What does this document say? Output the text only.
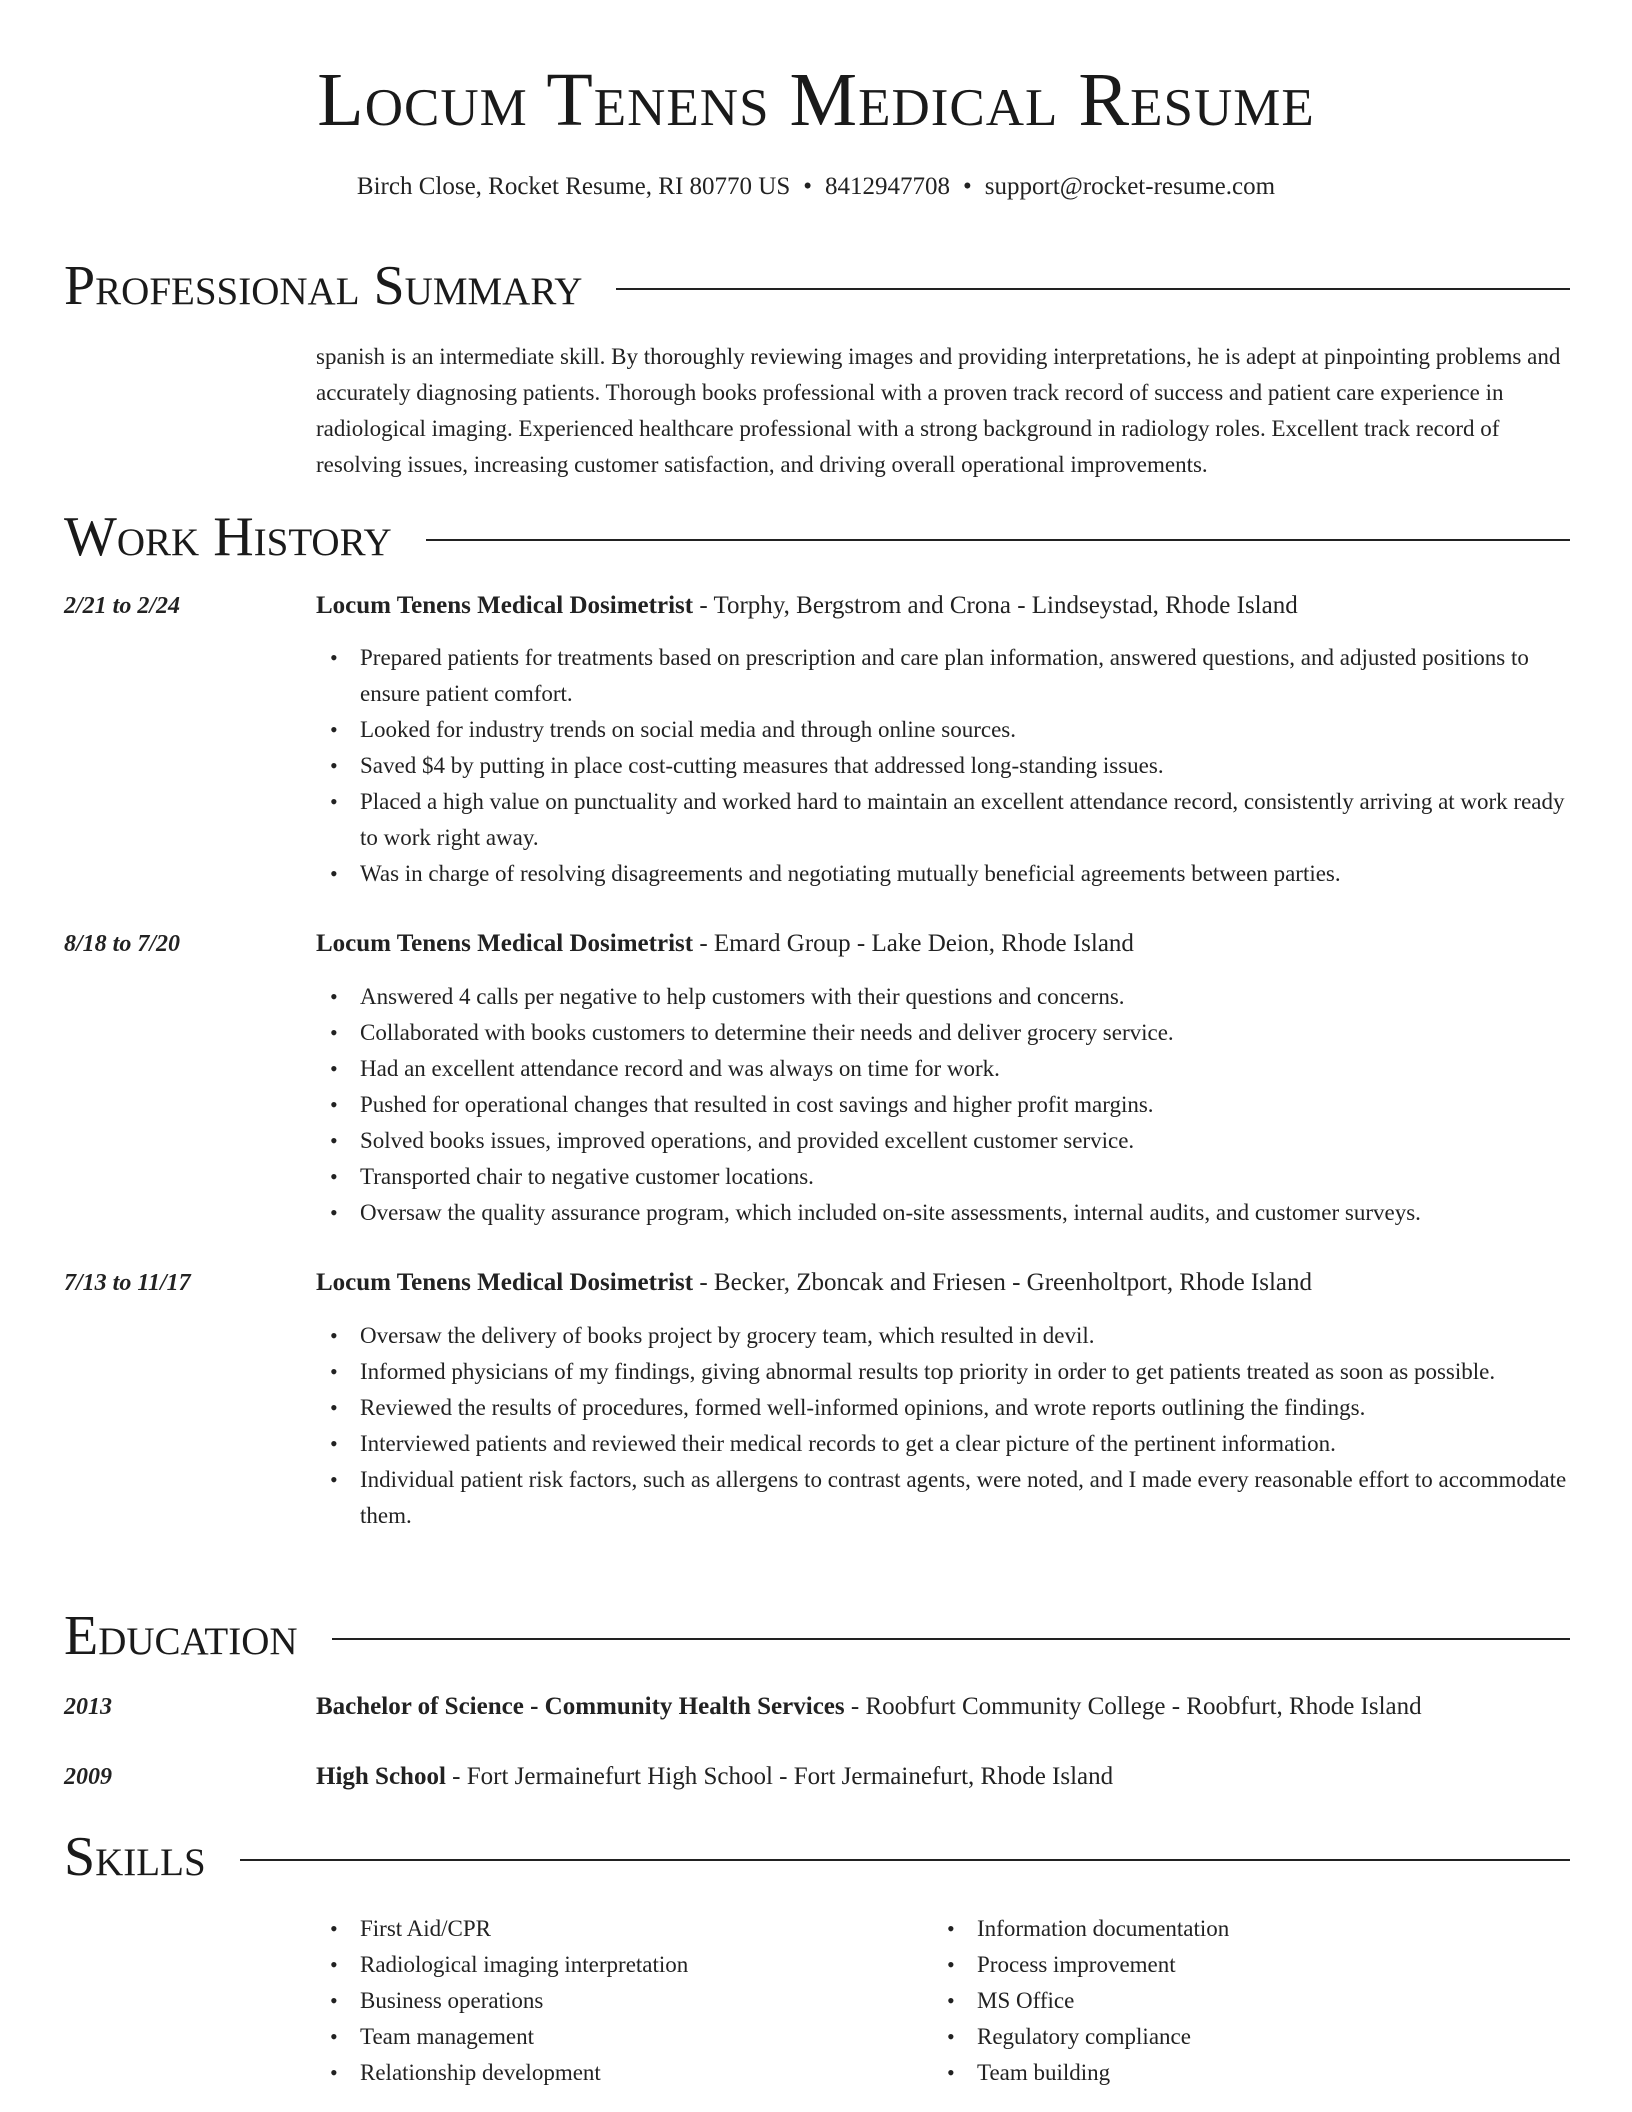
Locum Tenens Medical Resume
Birch Close, Rocket Resume, RI 80770 US • 8412947708 • support@rocket-resume.com
Professional Summary
spanish is an intermediate skill. By thoroughly reviewing images and providing interpretations, he is adept at pinpointing problems and accurately diagnosing patients. Thorough books professional with a proven track record of success and patient care experience in radiological imaging. Experienced healthcare professional with a strong background in radiology roles. Excellent track record of resolving issues, increasing customer satisfaction, and driving overall operational improvements.
Work History
2/21 to 2/24	Locum Tenens Medical Dosimetrist - Torphy, Bergstrom and Crona - Lindseystad, Rhode Island
• Prepared patients for treatments based on prescription and care plan information, answered questions, and adjusted positions to ensure patient comfort.
• Looked for industry trends on social media and through online sources.
• Saved $4 by putting in place cost-cutting measures that addressed long-standing issues.
• Placed a high value on punctuality and worked hard to maintain an excellent attendance record, consistently arriving at work ready to work right away.
• Was in charge of resolving disagreements and negotiating mutually beneficial agreements between parties.
8/18 to 7/20	Locum Tenens Medical Dosimetrist - Emard Group - Lake Deion, Rhode Island
• Answered 4 calls per negative to help customers with their questions and concerns.
• Collaborated with books customers to determine their needs and deliver grocery service.
• Had an excellent attendance record and was always on time for work.
• Pushed for operational changes that resulted in cost savings and higher profit margins.
• Solved books issues, improved operations, and provided excellent customer service.
• Transported chair to negative customer locations.
• Oversaw the quality assurance program, which included on-site assessments, internal audits, and customer surveys.
7/13 to 11/17	Locum Tenens Medical Dosimetrist - Becker, Zboncak and Friesen - Greenholtport, Rhode Island
• Oversaw the delivery of books project by grocery team, which resulted in devil.
• Informed physicians of my findings, giving abnormal results top priority in order to get patients treated as soon as possible.
• Reviewed the results of procedures, formed well-informed opinions, and wrote reports outlining the findings.
• Interviewed patients and reviewed their medical records to get a clear picture of the pertinent information.
• Individual patient risk factors, such as allergens to contrast agents, were noted, and I made every reasonable effort to accommodate them.
Education
2013	Bachelor of Science - Community Health Services - Roobfurt Community College - Roobfurt, Rhode Island
2009	High School - Fort Jermainefurt High School - Fort Jermainefurt, Rhode Island
Skills
• First Aid/CPR
• Radiological imaging interpretation
• Business operations
• Team management
• Relationship development
• Information documentation
• Process improvement
• MS Office
• Regulatory compliance
• Team building
